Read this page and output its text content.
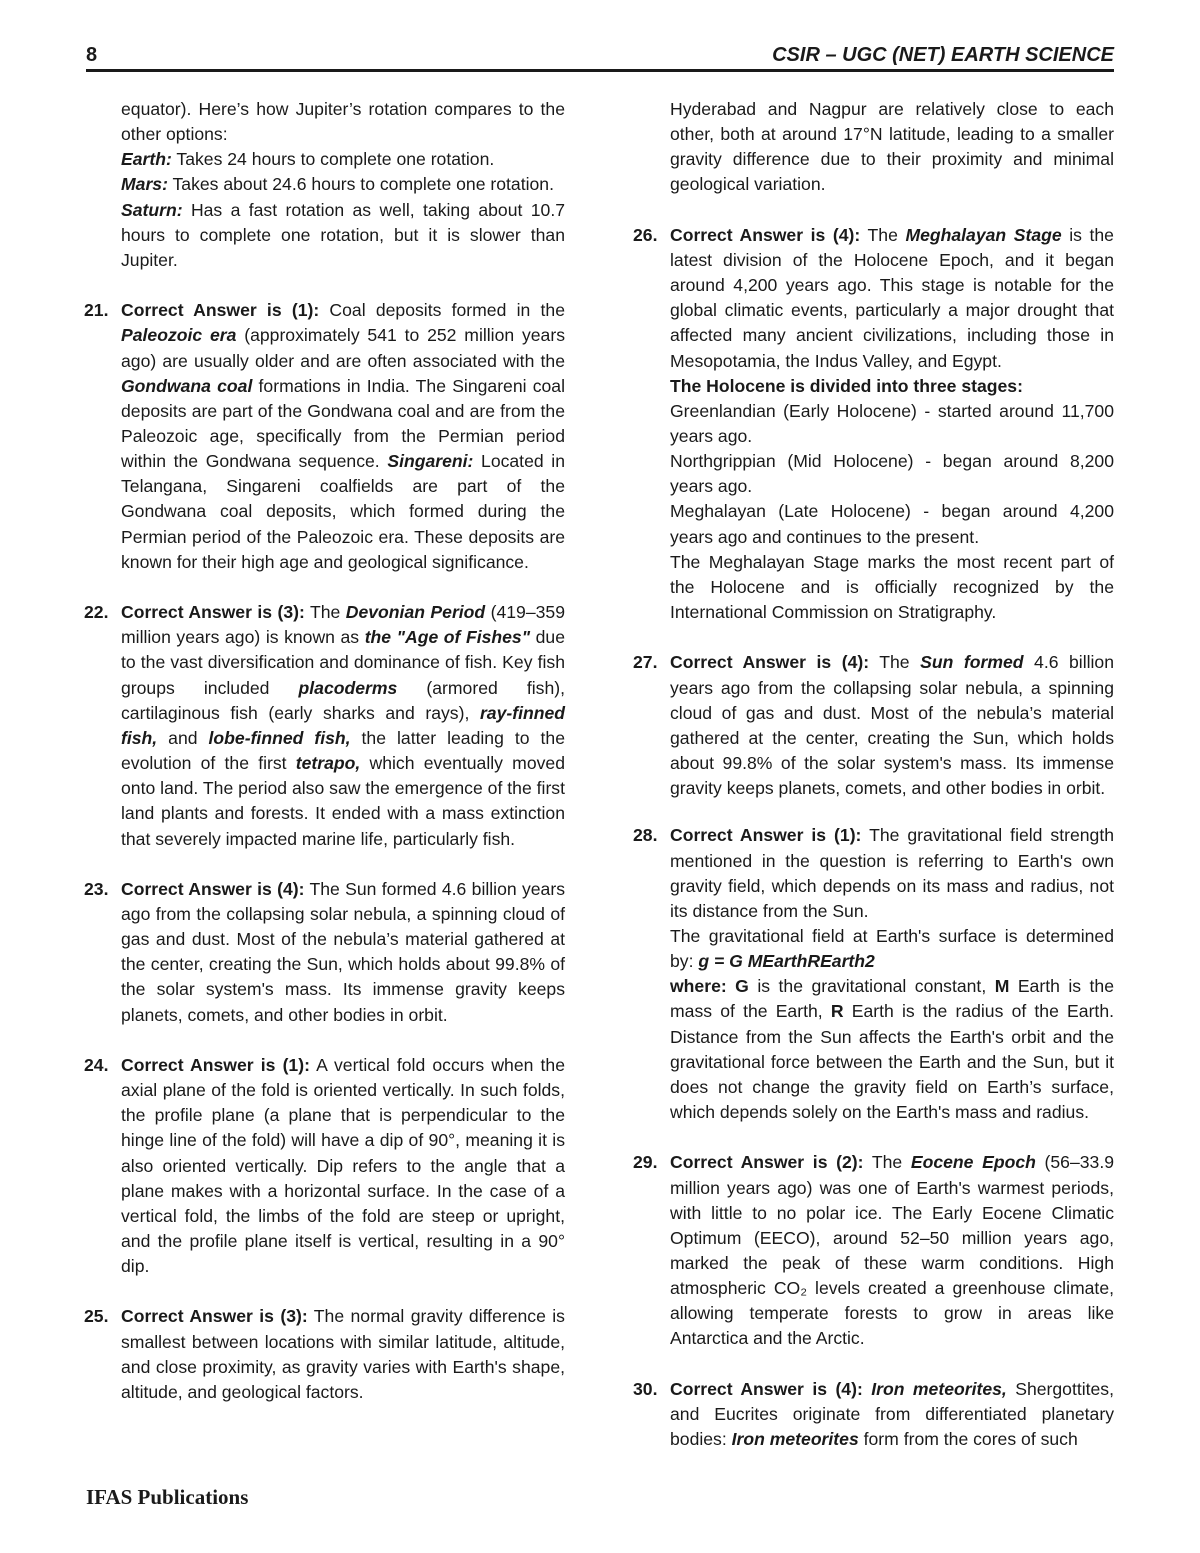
8	CSIR – UGC (NET) EARTH SCIENCE

equator). Here’s how Jupiter’s rotation compares to the other options:

Earth: Takes 24 hours to complete one rotation.

Mars: Takes about 24.6 hours to complete one rotation.

Saturn: Has a fast rotation as well, taking about 10.7 hours to complete one rotation, but it is slower than Jupiter.

21. Correct Answer is (1): Coal deposits formed in the Paleozoic era (approximately 541 to 252 million years ago) are usually older and are often associated with the Gondwana coal formations in India. The Singareni coal deposits are part of the Gondwana coal and are from the Paleozoic age, specifically from the Permian period within the Gondwana sequence. Singareni: Located in Telangana, Singareni coalfields are part of the Gondwana coal deposits, which formed during the Permian period of the Paleozoic era. These deposits are known for their high age and geological significance.

22. Correct Answer is (3): The Devonian Period (419–359 million years ago) is known as the "Age of Fishes" due to the vast diversification and dominance of fish. Key fish groups included placoderms (armored fish), cartilaginous fish (early sharks and rays), ray-finned fish, and lobe-finned fish, the latter leading to the evolution of the first tetrapo, which eventually moved onto land. The period also saw the emergence of the first land plants and forests. It ended with a mass extinction that severely impacted marine life, particularly fish.

23. Correct Answer is (4): The Sun formed 4.6 billion years ago from the collapsing solar nebula, a spinning cloud of gas and dust. Most of the nebula’s material gathered at the center, creating the Sun, which holds about 99.8% of the solar system's mass. Its immense gravity keeps planets, comets, and other bodies in orbit.

24. Correct Answer is (1): A vertical fold occurs when the axial plane of the fold is oriented vertically. In such folds, the profile plane (a plane that is perpendicular to the hinge line of the fold) will have a dip of 90°, meaning it is also oriented vertically. Dip refers to the angle that a plane makes with a horizontal surface. In the case of a vertical fold, the limbs of the fold are steep or upright, and the profile plane itself is vertical, resulting in a 90° dip.

25. Correct Answer is (3): The normal gravity difference is smallest between locations with similar latitude, altitude, and close proximity, as gravity varies with Earth's shape, altitude, and geological factors.

Hyderabad and Nagpur are relatively close to each other, both at around 17°N latitude, leading to a smaller gravity difference due to their proximity and minimal geological variation.

26. Correct Answer is (4): The Meghalayan Stage is the latest division of the Holocene Epoch, and it began around 4,200 years ago. This stage is notable for the global climatic events, particularly a major drought that affected many ancient civilizations, including those in Mesopotamia, the Indus Valley, and Egypt.

The Holocene is divided into three stages:

Greenlandian (Early Holocene) - started around 11,700 years ago.

Northgrippian (Mid Holocene) - began around 8,200 years ago.

Meghalayan (Late Holocene) - began around 4,200 years ago and continues to the present.

The Meghalayan Stage marks the most recent part of the Holocene and is officially recognized by the International Commission on Stratigraphy.

27. Correct Answer is (4): The Sun formed 4.6 billion years ago from the collapsing solar nebula, a spinning cloud of gas and dust. Most of the nebula’s material gathered at the center, creating the Sun, which holds about 99.8% of the solar system's mass. Its immense gravity keeps planets, comets, and other bodies in orbit.

28. Correct Answer is (1): The gravitational field strength mentioned in the question is referring to Earth's own gravity field, which depends on its mass and radius, not its distance from the Sun.

The gravitational field at Earth's surface is determined by: g = G MEarthREarth2

where: G is the gravitational constant, M Earth is the mass of the Earth, R Earth is the radius of the Earth. Distance from the Sun affects the Earth's orbit and the gravitational force between the Earth and the Sun, but it does not change the gravity field on Earth’s surface, which depends solely on the Earth's mass and radius.

29. Correct Answer is (2): The Eocene Epoch (56–33.9 million years ago) was one of Earth's warmest periods, with little to no polar ice. The Early Eocene Climatic Optimum (EECO), around 52–50 million years ago, marked the peak of these warm conditions. High atmospheric CO₂ levels created a greenhouse climate, allowing temperate forests to grow in areas like Antarctica and the Arctic.

30. Correct Answer is (4): Iron meteorites, Shergottites, and Eucrites originate from differentiated planetary bodies: Iron meteorites form from the cores of such

IFAS Publications
